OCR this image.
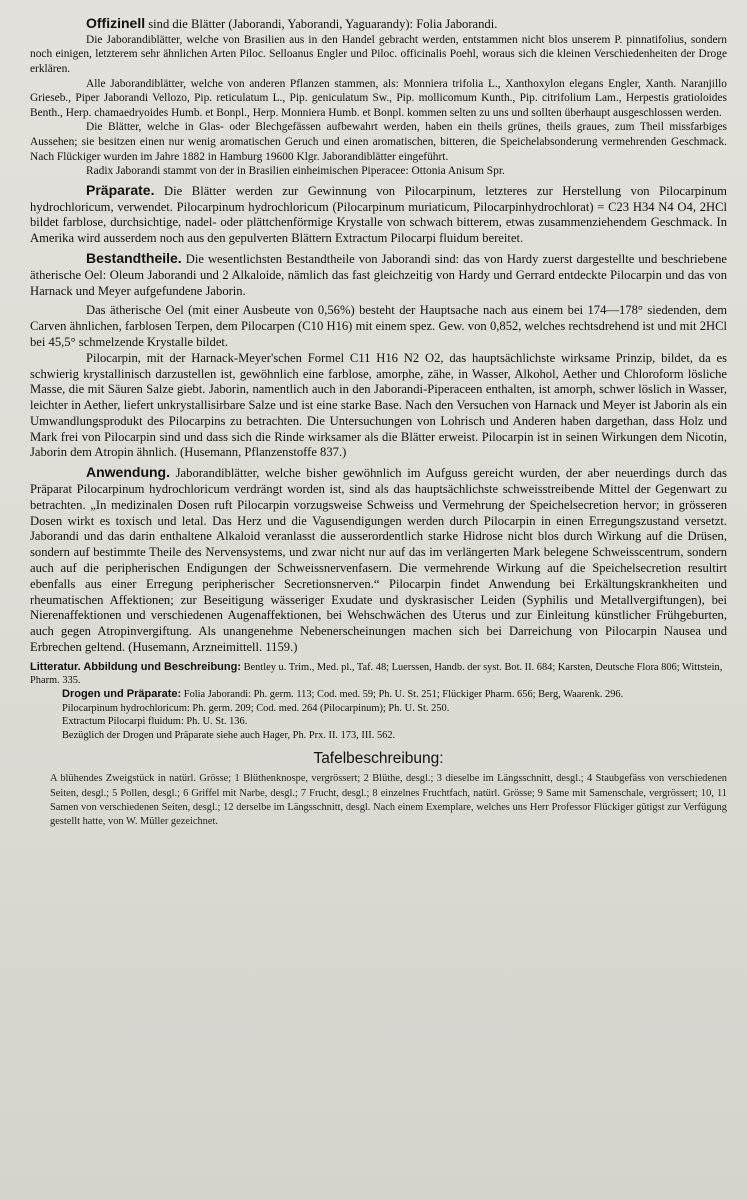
Offizinell sind die Blätter (Jaborandi, Yaborandi, Yaguarandy): Folia Jaborandi.

Die Jaborandiblätter, welche von Brasilien aus in den Handel gebracht werden, entstammen nicht blos unserem P. pinnatifolius, sondern noch einigen, letzterem sehr ähnlichen Arten Piloc. Selloanus Engler und Piloc. officinalis Poehl, woraus sich die kleinen Verschiedenheiten der Droge erklären.

Alle Jaborandiblätter, welche von anderen Pflanzen stammen, als: Monniera trifolia L., Xanthoxylon elegans Engler, Xanth. Naranjillo Grieseb., Piper Jaborandi Vellozo, Pip. reticulatum L., Pip. geniculatum Sw., Pip. mollicomum Kunth., Pip. citrifolium Lam., Herpestis gratioloides Benth., Herp. chamaedryoides Humb. et Bonpl., Herp. Monniera Humb. et Bonpl. kommen selten zu uns und sollten überhaupt ausgeschlossen werden.

Die Blätter, welche in Glas- oder Blechgefässen aufbewahrt werden, haben ein theils grünes, theils graues, zum Theil missfarbiges Aussehen; sie besitzen einen nur wenig aromatischen Geruch und einen aromatischen, bitteren, die Speichelabsonderung vermehrenden Geschmack. Nach Flückiger wurden im Jahre 1882 in Hamburg 19600 Klgr. Jaborandiblätter eingeführt.

Radix Jaborandi stammt von der in Brasilien einheimischen Piperacee: Ottonia Anisum Spr.

Präparate. Die Blätter werden zur Gewinnung von Pilocarpinum, letzteres zur Herstellung von Pilocarpinum hydrochloricum, verwendet. Pilocarpinum hydrochloricum (Pilocarpinum muriaticum, Pilocarpinhydrochlorat) = C23 H34 N4 O4, 2HCl bildet farblose, durchsichtige, nadel- oder plättchenförmige Krystalle von schwach bitterem, etwas zusammenziehendem Geschmack. In Amerika wird ausserdem noch aus den gepulverten Blättern Extractum Pilocarpi fluidum bereitet.

Bestandtheile. Die wesentlichsten Bestandtheile von Jaborandi sind: das von Hardy zuerst dargestellte und beschriebene ätherische Oel: Oleum Jaborandi und 2 Alkaloide, nämlich das fast gleichzeitig von Hardy und Gerrard entdeckte Pilocarpin und das von Harnack und Meyer aufgefundene Jaborin.

Das ätherische Oel (mit einer Ausbeute von 0,56%) besteht der Hauptsache nach aus einem bei 174—178° siedenden, dem Carven ähnlichen, farblosen Terpen, dem Pilocarpen (C10 H16) mit einem spez. Gew. von 0,852, welches rechtsdrehend ist und mit 2HCl bei 45,5° schmelzende Krystalle bildet.

Pilocarpin, mit der Harnack-Meyer'schen Formel C11 H16 N2 O2, das hauptsächlichste wirksame Prinzip, bildet, da es schwierig krystallinisch darzustellen ist, gewöhnlich eine farblose, amorphe, zähe, in Wasser, Alkohol, Aether und Chloroform lösliche Masse, die mit Säuren Salze giebt. Jaborin, namentlich auch in den Jaborandi-Piperaceen enthalten, ist amorph, schwer löslich in Wasser, leichter in Aether, liefert unkrystallisirbare Salze und ist eine starke Base. Nach den Versuchen von Harnack und Meyer ist Jaborin als ein Umwandlungsprodukt des Pilocarpins zu betrachten. Die Untersuchungen von Lohrisch und Anderen haben dargethan, dass Holz und Mark frei von Pilocarpin sind und dass sich die Rinde wirksamer als die Blätter erweist. Pilocarpin ist in seinen Wirkungen dem Nicotin, Jaborin dem Atropin ähnlich. (Husemann, Pflanzenstoffe 837.)

Anwendung. Jaborandiblätter, welche bisher gewöhnlich im Aufguss gereicht wurden, der aber neuerdings durch das Präparat Pilocarpinum hydrochloricum verdrängt worden ist, sind als das hauptsächlichste schweisstreibende Mittel der Gegenwart zu betrachten. „In medizinalen Dosen ruft Pilocarpin vorzugsweise Schweiss und Vermehrung der Speichelsecretion hervor; in grösseren Dosen wirkt es toxisch und letal. Das Herz und die Vagusendigungen werden durch Pilocarpin in einen Erregungszustand versetzt. Jaborandi und das darin enthaltene Alkaloid veranlasst die ausserordentlich starke Hidrose nicht blos durch Wirkung auf die Drüsen, sondern auf bestimmte Theile des Nervensystems, und zwar nicht nur auf das im verlängerten Mark belegene Schweisscentrum, sondern auch auf die peripherischen Endigungen der Schweissnervenfasern. Die vermehrende Wirkung auf die Speichelsecretion resultirt ebenfalls aus einer Erregung peripherischer Secretionsnerven.“ Pilocarpin findet Anwendung bei Erkältungskrankheiten und rheumatischen Affektionen; zur Beseitigung wässeriger Exudate und dyskrasischer Leiden (Syphilis und Metallvergiftungen), bei Nierenaffektionen und verschiedenen Augenaffektionen, bei Wehschwächen des Uterus und zur Einleitung künstlicher Frühgeburten, auch gegen Atropinvergiftung. Als unangenehme Nebenerscheinungen machen sich bei Darreichung von Pilocarpin Nausea und Erbrechen geltend. (Husemann, Arzneimittell. 1159.)

Litteratur. Abbildung und Beschreibung: Bentley u. Trim., Med. pl., Taf. 48; Luerssen, Handb. der syst. Bot. II. 684; Karsten, Deutsche Flora 806; Wittstein, Pharm. 335.

Drogen und Präparate: Folia Jaborandi: Ph. germ. 113; Cod. med. 59; Ph. U. St. 251; Flückiger Pharm. 656; Berg, Waarenk. 296.

Pilocarpinum hydrochloricum: Ph. germ. 209; Cod. med. 264 (Pilocarpinum); Ph. U. St. 250.

Extractum Pilocarpi fluidum: Ph. U. St. 136.

Bezüglich der Drogen und Präparate siehe auch Hager, Ph. Prx. II. 173, III. 562.

Tafelbeschreibung:

A blühendes Zweigstück in natürl. Grösse; 1 Blüthenknospe, vergrössert; 2 Blüthe, desgl.; 3 dieselbe im Längsschnitt, desgl.; 4 Staubgefäss von verschiedenen Seiten, desgl.; 5 Pollen, desgl.; 6 Griffel mit Narbe, desgl.; 7 Frucht, desgl.; 8 einzelnes Fruchtfach, natürl. Grösse; 9 Same mit Samenschale, vergrössert; 10, 11 Samen von verschiedenen Seiten, desgl.; 12 derselbe im Längsschnitt, desgl. Nach einem Exemplare, welches uns Herr Professor Flückiger gütigst zur Verfügung gestellt hatte, von W. Müller gezeichnet.
